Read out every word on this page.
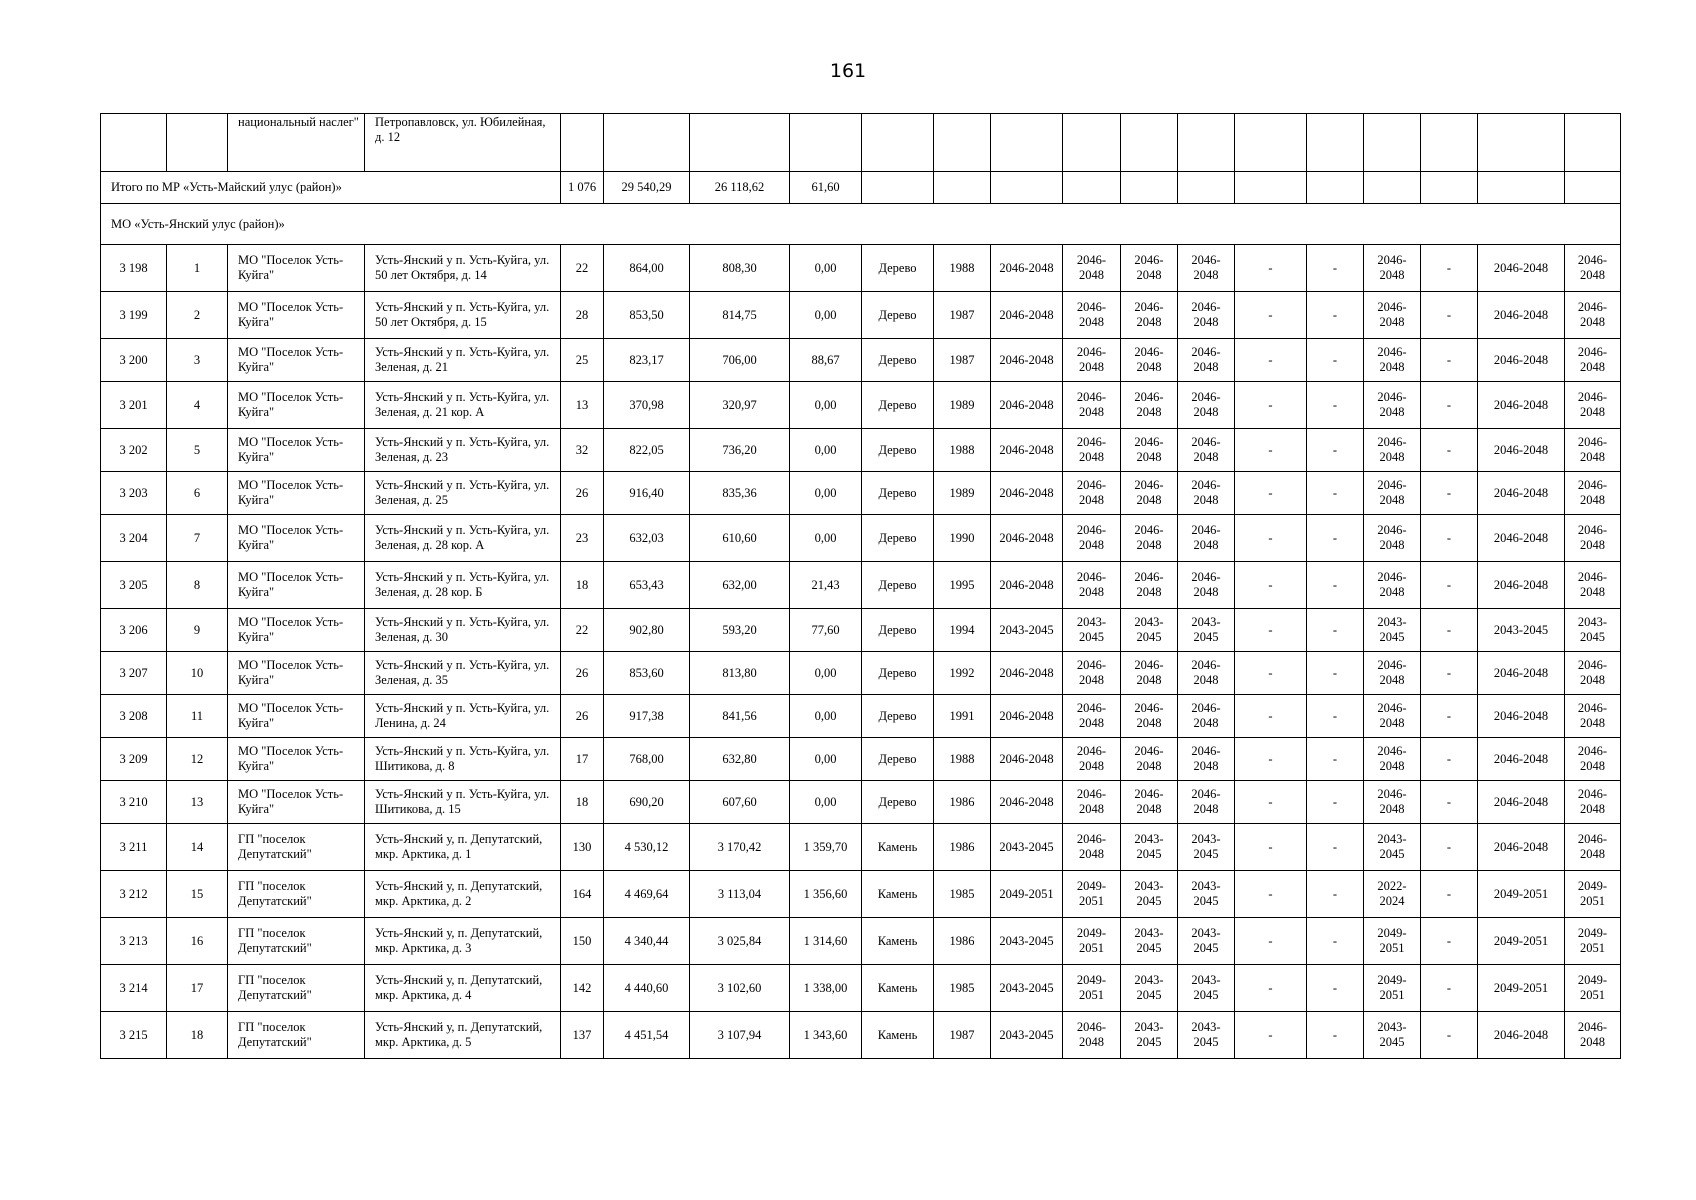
161
		национальный наслег"	Петропавловск, ул. Юбилейная, д. 12																
Итого по МР «Усть-Майский улус (район)»				1 076	29 540,29	26 118,62	61,60												
МО «Усть-Янский улус (район)»																			
3 198	1	МО "Поселок Усть-Куйга"	Усть-Янский у п. Усть-Куйга, ул. 50 лет Октября, д. 14	22	864,00	808,30	0,00	Дерево	1988	2046-2048	2046-2048	2046-2048	2046-2048	-	-	2046-2048	-	2046-2048	2046-2048
3 199	2	МО "Поселок Усть-Куйга"	Усть-Янский у п. Усть-Куйга, ул. 50 лет Октября, д. 15	28	853,50	814,75	0,00	Дерево	1987	2046-2048	2046-2048	2046-2048	2046-2048	-	-	2046-2048	-	2046-2048	2046-2048
3 200	3	МО "Поселок Усть-Куйга"	Усть-Янский у п. Усть-Куйга, ул. Зеленая, д. 21	25	823,17	706,00	88,67	Дерево	1987	2046-2048	2046-2048	2046-2048	2046-2048	-	-	2046-2048	-	2046-2048	2046-2048
3 201	4	МО "Поселок Усть-Куйга"	Усть-Янский у п. Усть-Куйга, ул. Зеленая, д. 21 кор. А	13	370,98	320,97	0,00	Дерево	1989	2046-2048	2046-2048	2046-2048	2046-2048	-	-	2046-2048	-	2046-2048	2046-2048
3 202	5	МО "Поселок Усть-Куйга"	Усть-Янский у п. Усть-Куйга, ул. Зеленая, д. 23	32	822,05	736,20	0,00	Дерево	1988	2046-2048	2046-2048	2046-2048	2046-2048	-	-	2046-2048	-	2046-2048	2046-2048
3 203	6	МО "Поселок Усть-Куйга"	Усть-Янский у п. Усть-Куйга, ул. Зеленая, д. 25	26	916,40	835,36	0,00	Дерево	1989	2046-2048	2046-2048	2046-2048	2046-2048	-	-	2046-2048	-	2046-2048	2046-2048
3 204	7	МО "Поселок Усть-Куйга"	Усть-Янский у п. Усть-Куйга, ул. Зеленая, д. 28 кор. А	23	632,03	610,60	0,00	Дерево	1990	2046-2048	2046-2048	2046-2048	2046-2048	-	-	2046-2048	-	2046-2048	2046-2048
3 205	8	МО "Поселок Усть-Куйга"	Усть-Янский у п. Усть-Куйга, ул. Зеленая, д. 28 кор. Б	18	653,43	632,00	21,43	Дерево	1995	2046-2048	2046-2048	2046-2048	2046-2048	-	-	2046-2048	-	2046-2048	2046-2048
3 206	9	МО "Поселок Усть-Куйга"	Усть-Янский у п. Усть-Куйга, ул. Зеленая, д. 30	22	902,80	593,20	77,60	Дерево	1994	2043-2045	2043-2045	2043-2045	2043-2045	-	-	2043-2045	-	2043-2045	2043-2045
3 207	10	МО "Поселок Усть-Куйга"	Усть-Янский у п. Усть-Куйга, ул. Зеленая, д. 35	26	853,60	813,80	0,00	Дерево	1992	2046-2048	2046-2048	2046-2048	2046-2048	-	-	2046-2048	-	2046-2048	2046-2048
3 208	11	МО "Поселок Усть-Куйга"	Усть-Янский у п. Усть-Куйга, ул. Ленина, д. 24	26	917,38	841,56	0,00	Дерево	1991	2046-2048	2046-2048	2046-2048	2046-2048	-	-	2046-2048	-	2046-2048	2046-2048
3 209	12	МО "Поселок Усть-Куйга"	Усть-Янский у п. Усть-Куйга, ул. Шитикова, д. 8	17	768,00	632,80	0,00	Дерево	1988	2046-2048	2046-2048	2046-2048	2046-2048	-	-	2046-2048	-	2046-2048	2046-2048
3 210	13	МО "Поселок Усть-Куйга"	Усть-Янский у п. Усть-Куйга, ул. Шитикова, д. 15	18	690,20	607,60	0,00	Дерево	1986	2046-2048	2046-2048	2046-2048	2046-2048	-	-	2046-2048	-	2046-2048	2046-2048
3 211	14	ГП "поселок Депутатский"	Усть-Янский у, п. Депутатский, мкр. Арктика, д. 1	130	4 530,12	3 170,42	1 359,70	Камень	1986	2043-2045	2046-2048	2043-2045	2043-2045	-	-	2043-2045	-	2046-2048	2046-2048
3 212	15	ГП "поселок Депутатский"	Усть-Янский у, п. Депутатский, мкр. Арктика, д. 2	164	4 469,64	3 113,04	1 356,60	Камень	1985	2049-2051	2049-2051	2043-2045	2043-2045	-	-	2022-2024	-	2049-2051	2049-2051
3 213	16	ГП "поселок Депутатский"	Усть-Янский у, п. Депутатский, мкр. Арктика, д. 3	150	4 340,44	3 025,84	1 314,60	Камень	1986	2043-2045	2049-2051	2043-2045	2043-2045	-	-	2049-2051	-	2049-2051	2049-2051
3 214	17	ГП "поселок Депутатский"	Усть-Янский у, п. Депутатский, мкр. Арктика, д. 4	142	4 440,60	3 102,60	1 338,00	Камень	1985	2043-2045	2049-2051	2043-2045	2043-2045	-	-	2049-2051	-	2049-2051	2049-2051
3 215	18	ГП "поселок Депутатский"	Усть-Янский у, п. Депутатский, мкр. Арктика, д. 5	137	4 451,54	3 107,94	1 343,60	Камень	1987	2043-2045	2046-2048	2043-2045	2043-2045	-	-	2043-2045	-	2046-2048	2046-2048
